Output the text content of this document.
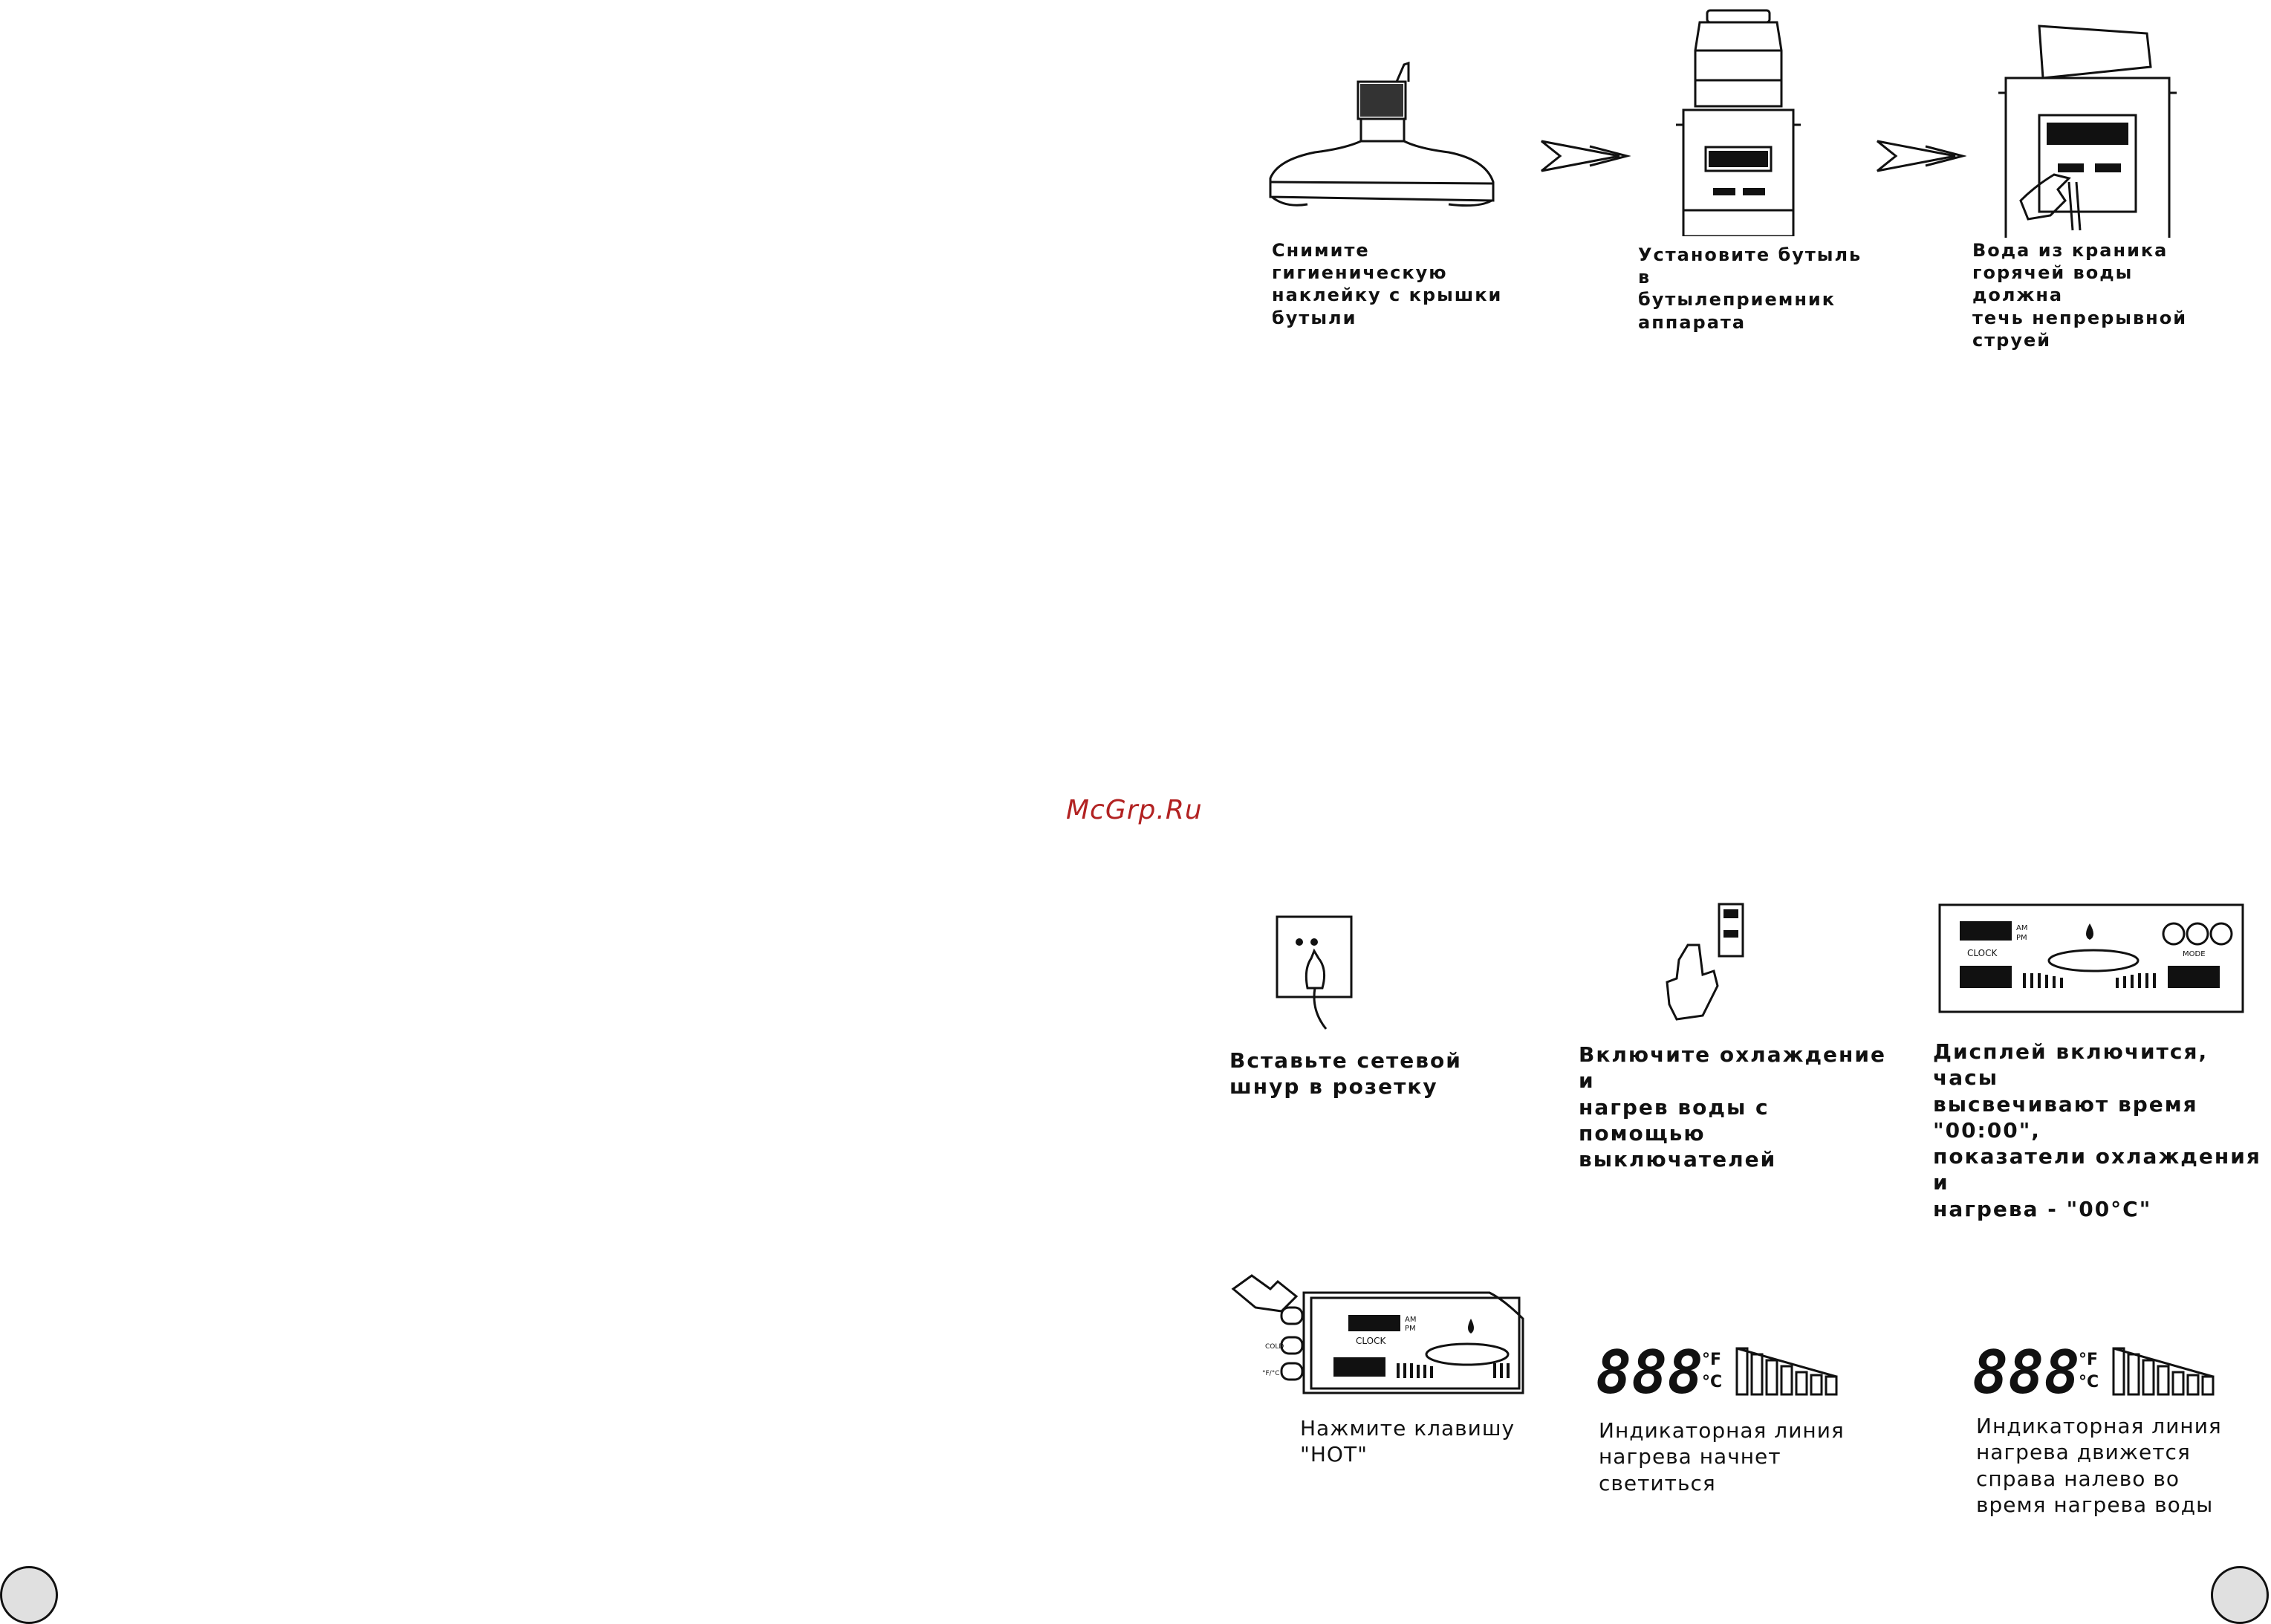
Снимите
гигиеническую
наклейку с крышки
бутыли
Установите бутыль в
бутылеприемник
аппарата
Вода из краника
горячей воды должна
течь непрерывной
струей
McGrp.Ru
CLOCK	MODE
AM
PM
Вставьте сетевой
шнур в розетку
Включите охлаждение и
нагрев воды с помощью
выключателей
Дисплей включится, часы
высвечивают время "00:00",
показатели охлаждения и
нагрева - "00°C"
CLOCK
AM
PM
COLD
°F/°C	888
°F
°C	888
°F
°C
Нажмите клавишу
"HOT"
Индикаторная линия
нагрева начнет
светиться
Индикаторная линия
нагрева движется
справа налево во
время нагрева воды
